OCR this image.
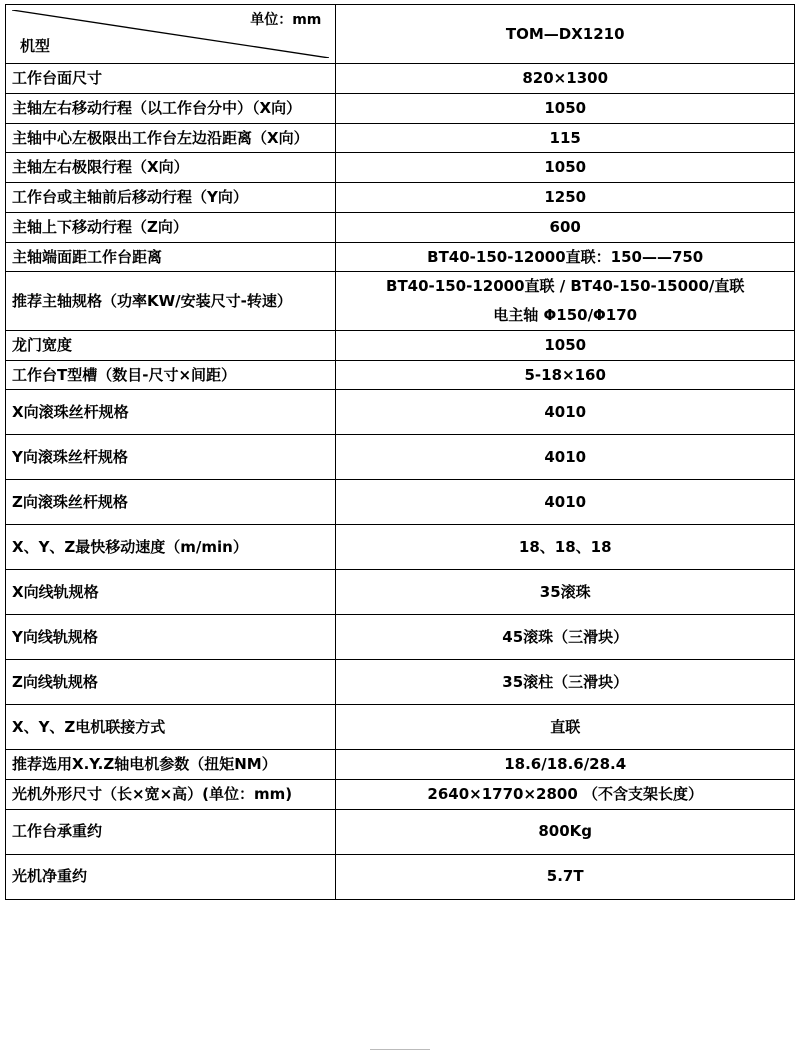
单位：mm
机型	TOM—DX1210
工作台面尺寸	820×1300
主轴左右移动行程（以工作台分中）（X向）	1050
主轴中心左极限出工作台左边沿距离（X向）	115
主轴左右极限行程（X向）	1050
工作台或主轴前后移动行程（Y向）	1250
主轴上下移动行程（Z向）	600
主轴端面距工作台距离	BT40-150-12000直联：150——750
推荐主轴规格（功率KW/安装尺寸-转速）	BT40-150-12000直联 / BT40-150-15000/直联
电主轴 Φ150/Φ170

龙门宽度	1050
工作台T型槽（数目-尺寸×间距）	5-18×160
X向滚珠丝杆规格	4010
Y向滚珠丝杆规格	4010
Z向滚珠丝杆规格	4010
X、Y、Z最快移动速度（m/min）	18、18、18
X向线轨规格	35滚珠
Y向线轨规格	45滚珠（三滑块）
Z向线轨规格	35滚柱（三滑块）
X、Y、Z电机联接方式	直联
推荐选用X.Y.Z轴电机参数（扭矩NM）	18.6/18.6/28.4
光机外形尺寸（长×宽×高）(单位：mm)	2640×1770×2800 （不含支架长度）
工作台承重约	800Kg
光机净重约	5.7T
